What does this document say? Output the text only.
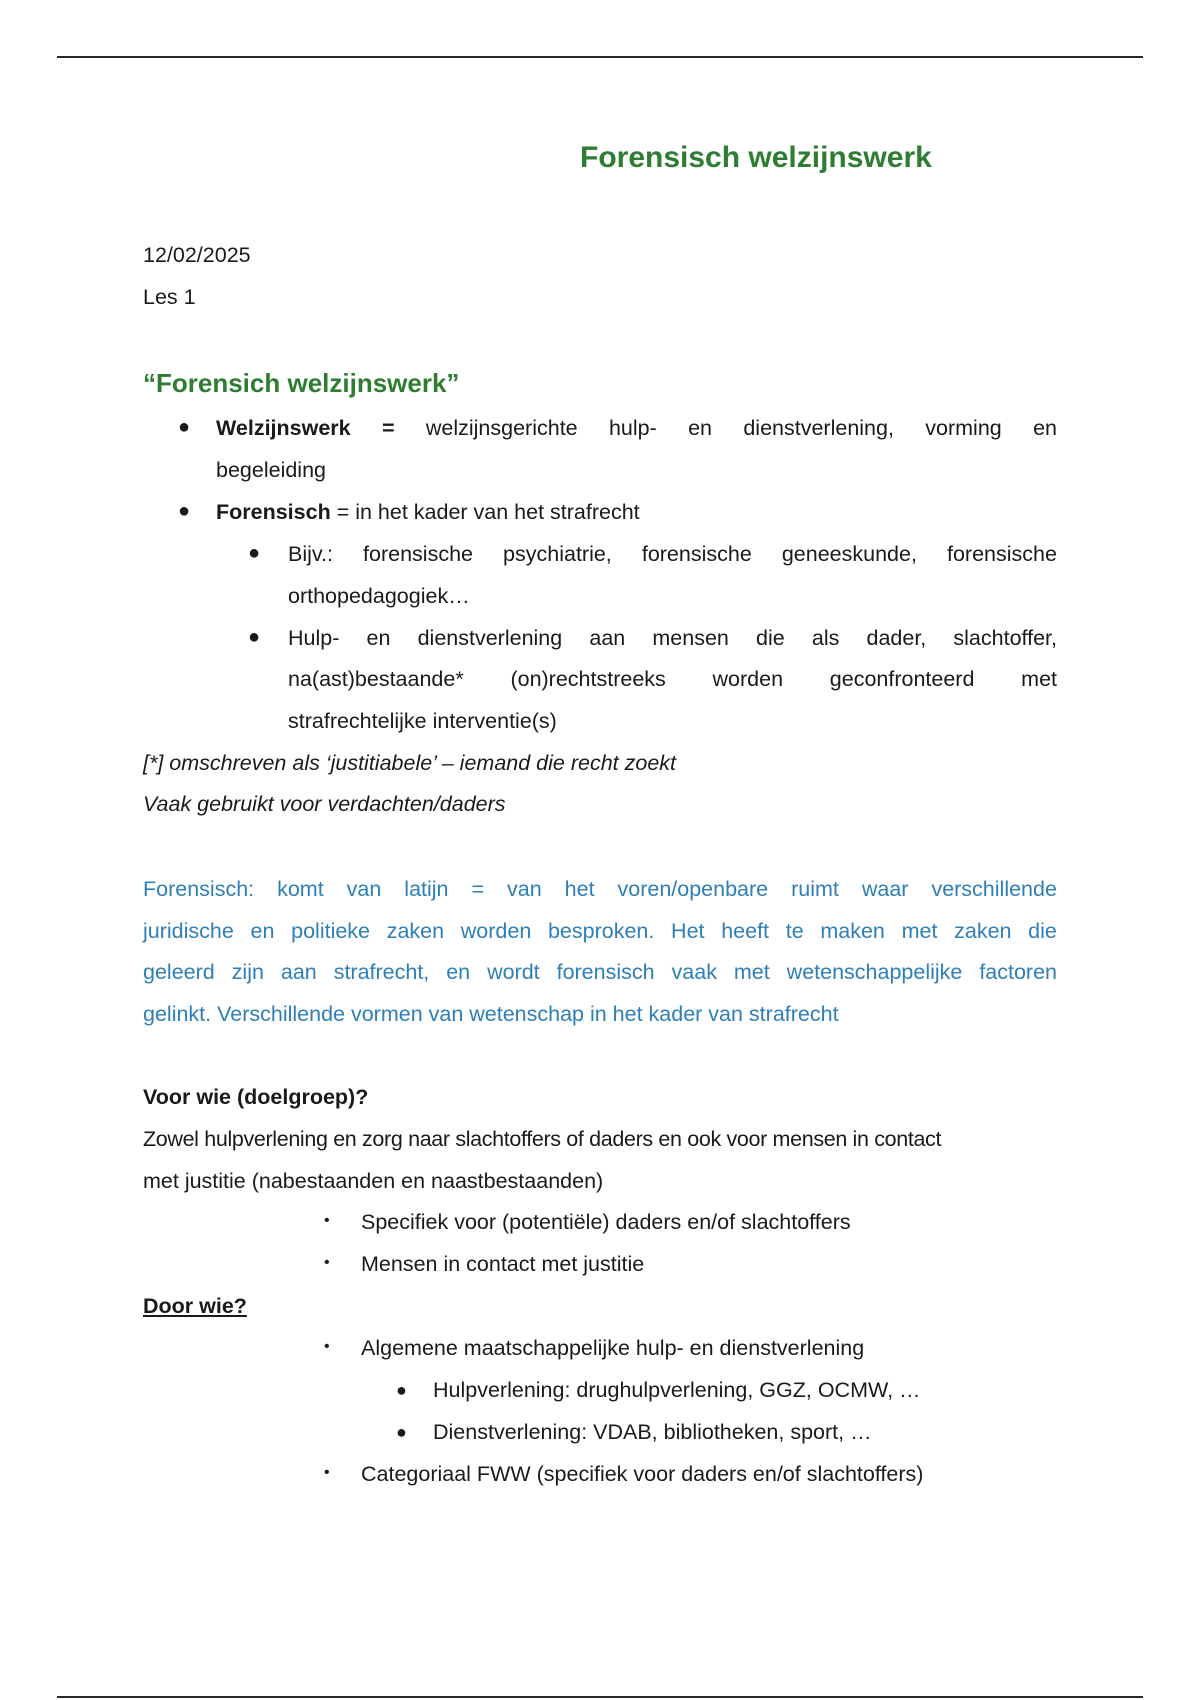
Forensisch welzijnswerk
12/02/2025
Les 1
“Forensich welzijnswerk”
● Welzijnswerk = welzijnsgerichte hulp- en dienstverlening, vorming en
begeleiding
● Forensisch = in het kader van het strafrecht
● Bijv.: forensische psychiatrie, forensische geneeskunde, forensische
orthopedagogiek…
● Hulp- en dienstverlening aan mensen die als dader, slachtoffer,
na(ast)bestaande* (on)rechtstreeks worden geconfronteerd met
strafrechtelijke interventie(s)
[*] omschreven als ‘justitiabele’ – iemand die recht zoekt
Vaak gebruikt voor verdachten/daders
Forensisch: komt van latijn = van het voren/openbare ruimt waar verschillende
juridische en politieke zaken worden besproken. Het heeft te maken met zaken die
geleerd zijn aan strafrecht, en wordt forensisch vaak met wetenschappelijke factoren
gelinkt. Verschillende vormen van wetenschap in het kader van strafrecht
Voor wie (doelgroep)?
Zowel hulpverlening en zorg naar slachtoffers of daders en ook voor mensen in contact
met justitie (nabestaanden en naastbestaanden)
• Specifiek voor (potentiële) daders en/of slachtoffers
• Mensen in contact met justitie
Door wie?
• Algemene maatschappelijke hulp- en dienstverlening
● Hulpverlening: drughulpverlening, GGZ, OCMW, …
● Dienstverlening: VDAB, bibliotheken, sport, …
• Categoriaal FWW (specifiek voor daders en/of slachtoffers)
